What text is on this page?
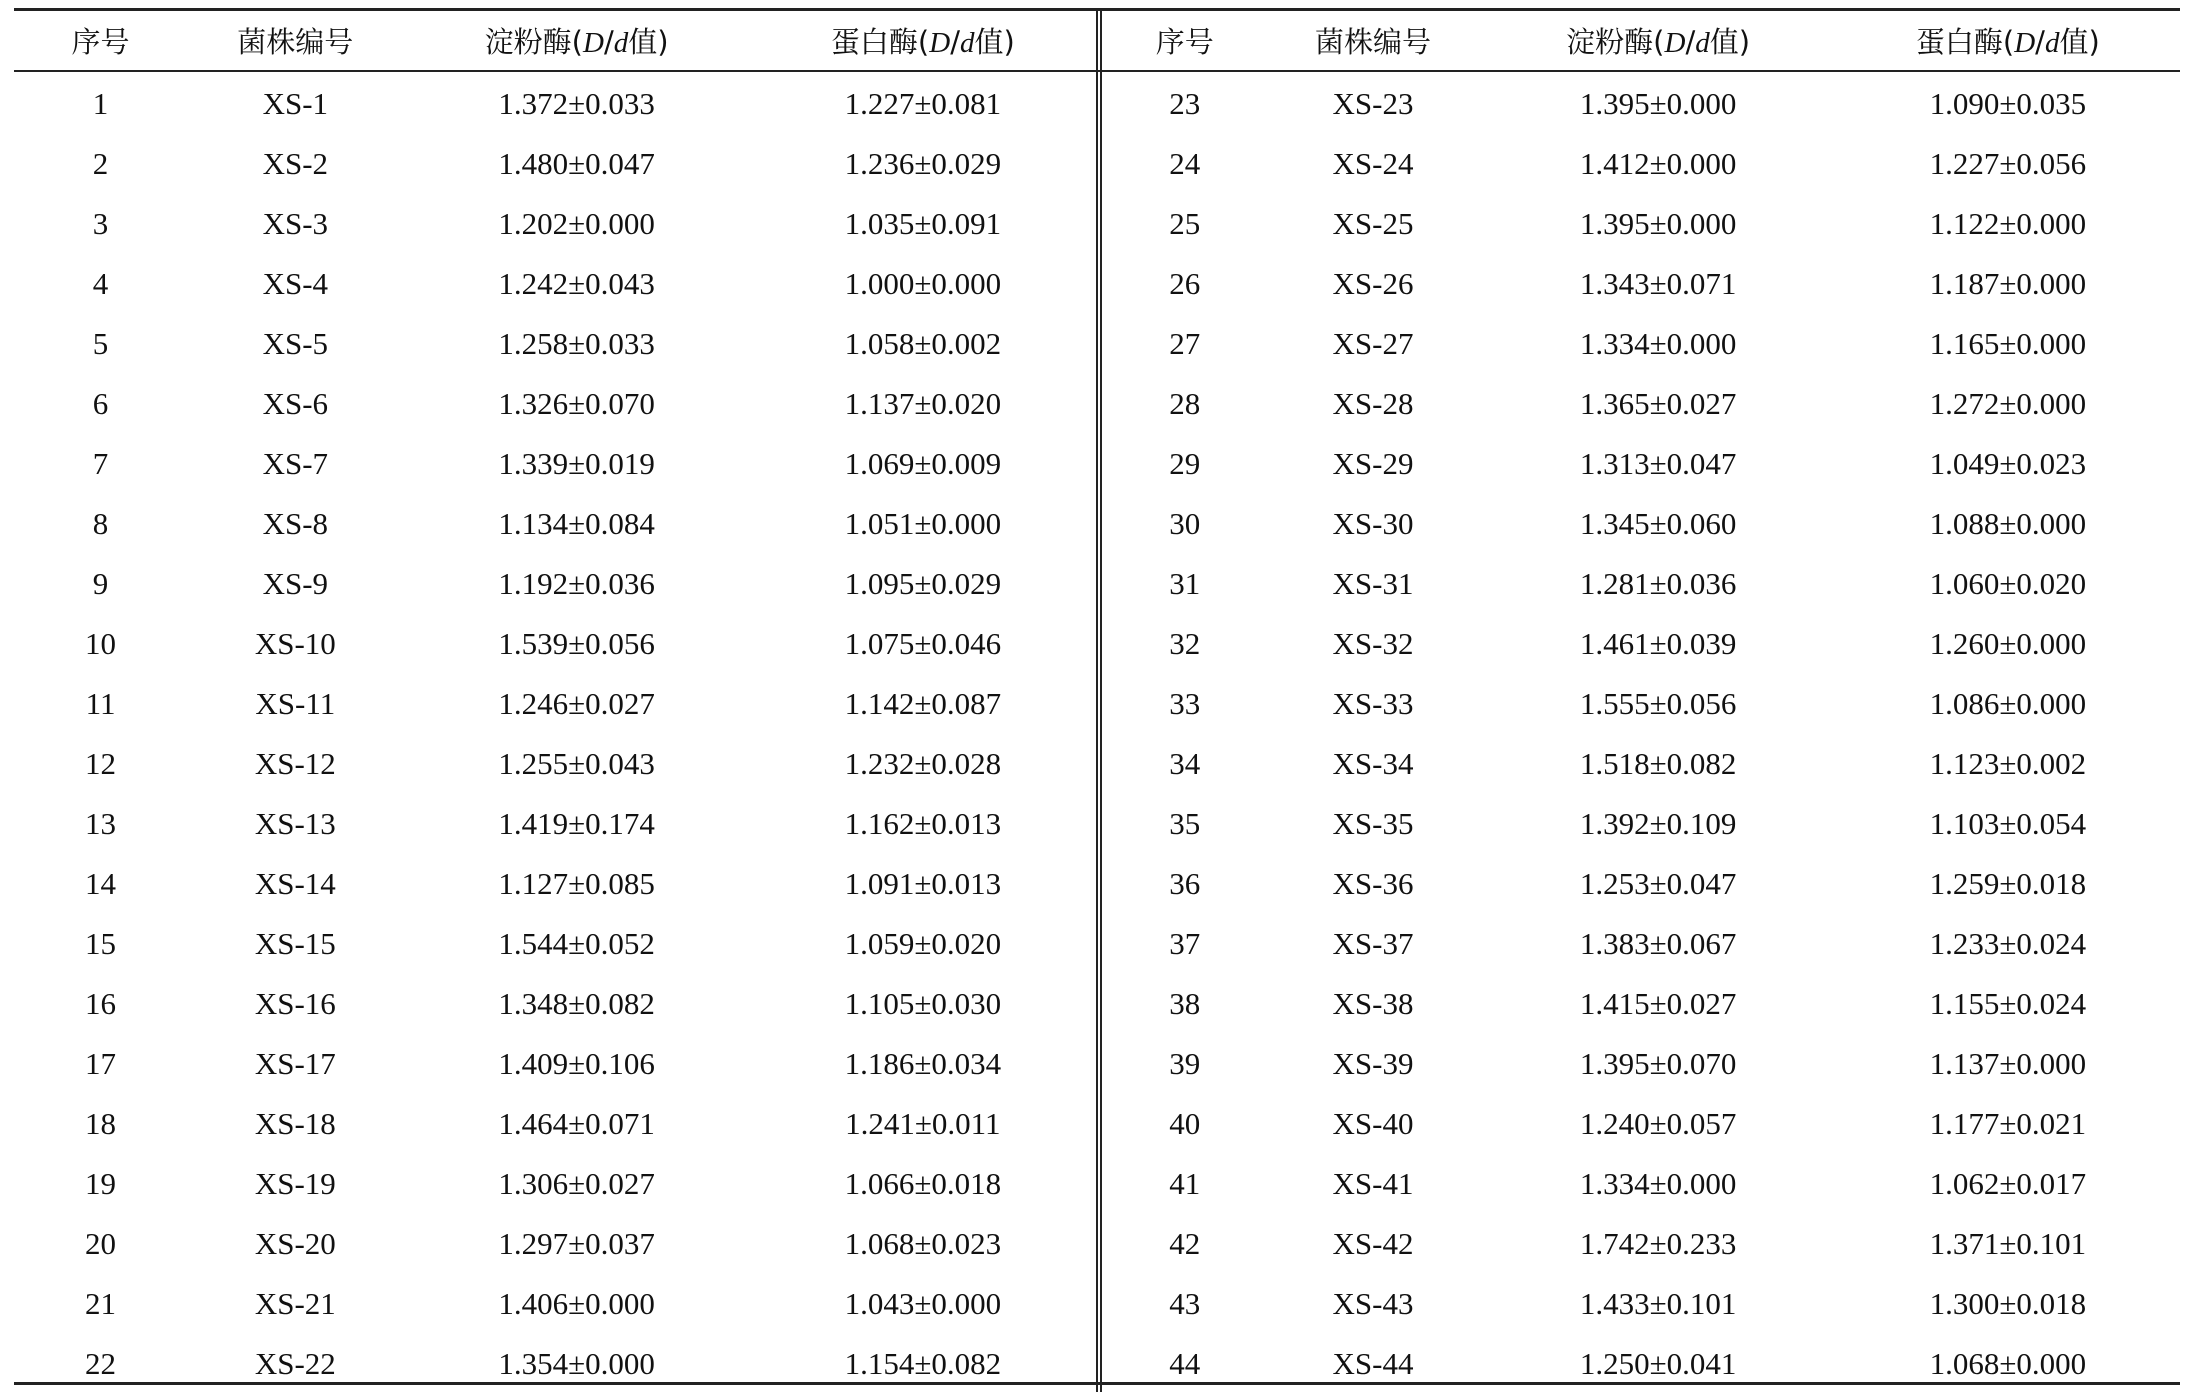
序号	菌株编号	淀粉酶(D/d值)	蛋白酶(D/d值)
1	XS-1	1.372±0.033	1.227±0.081
2	XS-2	1.480±0.047	1.236±0.029
3	XS-3	1.202±0.000	1.035±0.091
4	XS-4	1.242±0.043	1.000±0.000
5	XS-5	1.258±0.033	1.058±0.002
6	XS-6	1.326±0.070	1.137±0.020
7	XS-7	1.339±0.019	1.069±0.009
8	XS-8	1.134±0.084	1.051±0.000
9	XS-9	1.192±0.036	1.095±0.029
10	XS-10	1.539±0.056	1.075±0.046
11	XS-11	1.246±0.027	1.142±0.087
12	XS-12	1.255±0.043	1.232±0.028
13	XS-13	1.419±0.174	1.162±0.013
14	XS-14	1.127±0.085	1.091±0.013
15	XS-15	1.544±0.052	1.059±0.020
16	XS-16	1.348±0.082	1.105±0.030
17	XS-17	1.409±0.106	1.186±0.034
18	XS-18	1.464±0.071	1.241±0.011
19	XS-19	1.306±0.027	1.066±0.018
20	XS-20	1.297±0.037	1.068±0.023
21	XS-21	1.406±0.000	1.043±0.000
22	XS-22	1.354±0.000	1.154±0.082
序号	菌株编号	淀粉酶(D/d值)	蛋白酶(D/d值)
23	XS-23	1.395±0.000	1.090±0.035
24	XS-24	1.412±0.000	1.227±0.056
25	XS-25	1.395±0.000	1.122±0.000
26	XS-26	1.343±0.071	1.187±0.000
27	XS-27	1.334±0.000	1.165±0.000
28	XS-28	1.365±0.027	1.272±0.000
29	XS-29	1.313±0.047	1.049±0.023
30	XS-30	1.345±0.060	1.088±0.000
31	XS-31	1.281±0.036	1.060±0.020
32	XS-32	1.461±0.039	1.260±0.000
33	XS-33	1.555±0.056	1.086±0.000
34	XS-34	1.518±0.082	1.123±0.002
35	XS-35	1.392±0.109	1.103±0.054
36	XS-36	1.253±0.047	1.259±0.018
37	XS-37	1.383±0.067	1.233±0.024
38	XS-38	1.415±0.027	1.155±0.024
39	XS-39	1.395±0.070	1.137±0.000
40	XS-40	1.240±0.057	1.177±0.021
41	XS-41	1.334±0.000	1.062±0.017
42	XS-42	1.742±0.233	1.371±0.101
43	XS-43	1.433±0.101	1.300±0.018
44	XS-44	1.250±0.041	1.068±0.000
